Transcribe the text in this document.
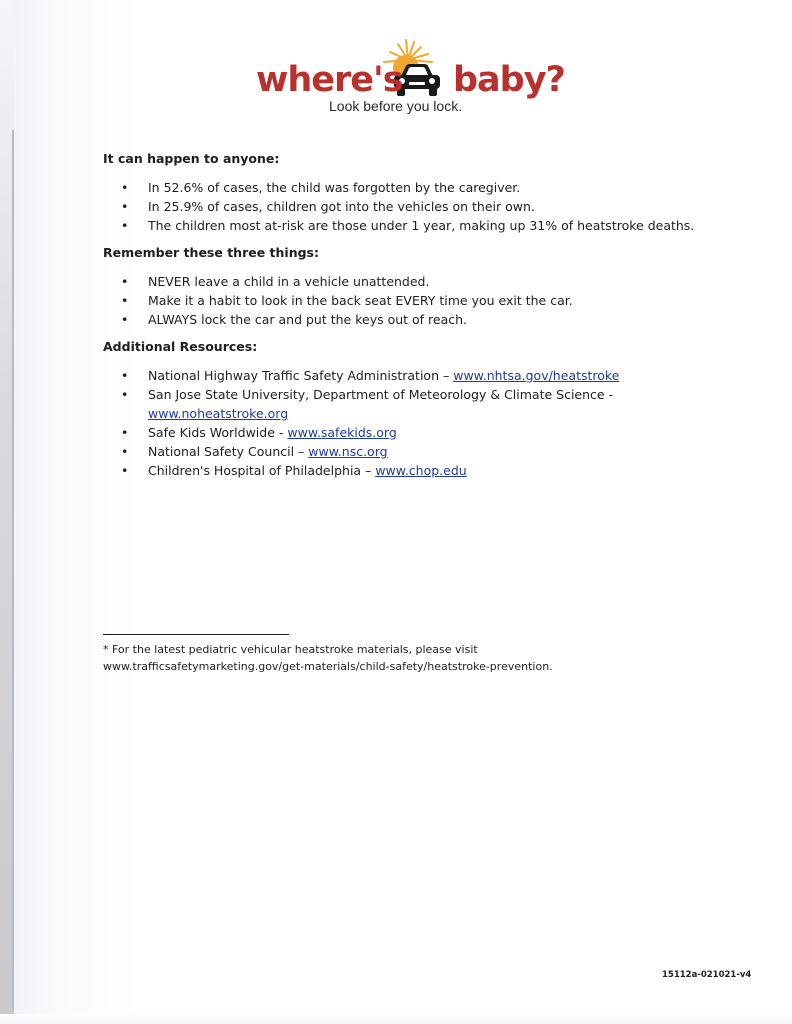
where's baby?
Look before you lock.
It can happen to anyone:
• In 52.6% of cases, the child was forgotten by the caregiver.
• In 25.9% of cases, children got into the vehicles on their own.
• The children most at-risk are those under 1 year, making up 31% of heatstroke deaths.
Remember these three things:
• NEVER leave a child in a vehicle unattended.
• Make it a habit to look in the back seat EVERY time you exit the car.
• ALWAYS lock the car and put the keys out of reach.
Additional Resources:
• National Highway Traffic Safety Administration – www.nhtsa.gov/heatstroke
• San Jose State University, Department of Meteorology & Climate Science -
www.noheatstroke.org
• Safe Kids Worldwide - www.safekids.org
• National Safety Council – www.nsc.org
• Children's Hospital of Philadelphia – www.chop.edu
* For the latest pediatric vehicular heatstroke materials, please visit
www.trafficsafetymarketing.gov/get-materials/child-safety/heatstroke-prevention.
15112a-021021-v4
